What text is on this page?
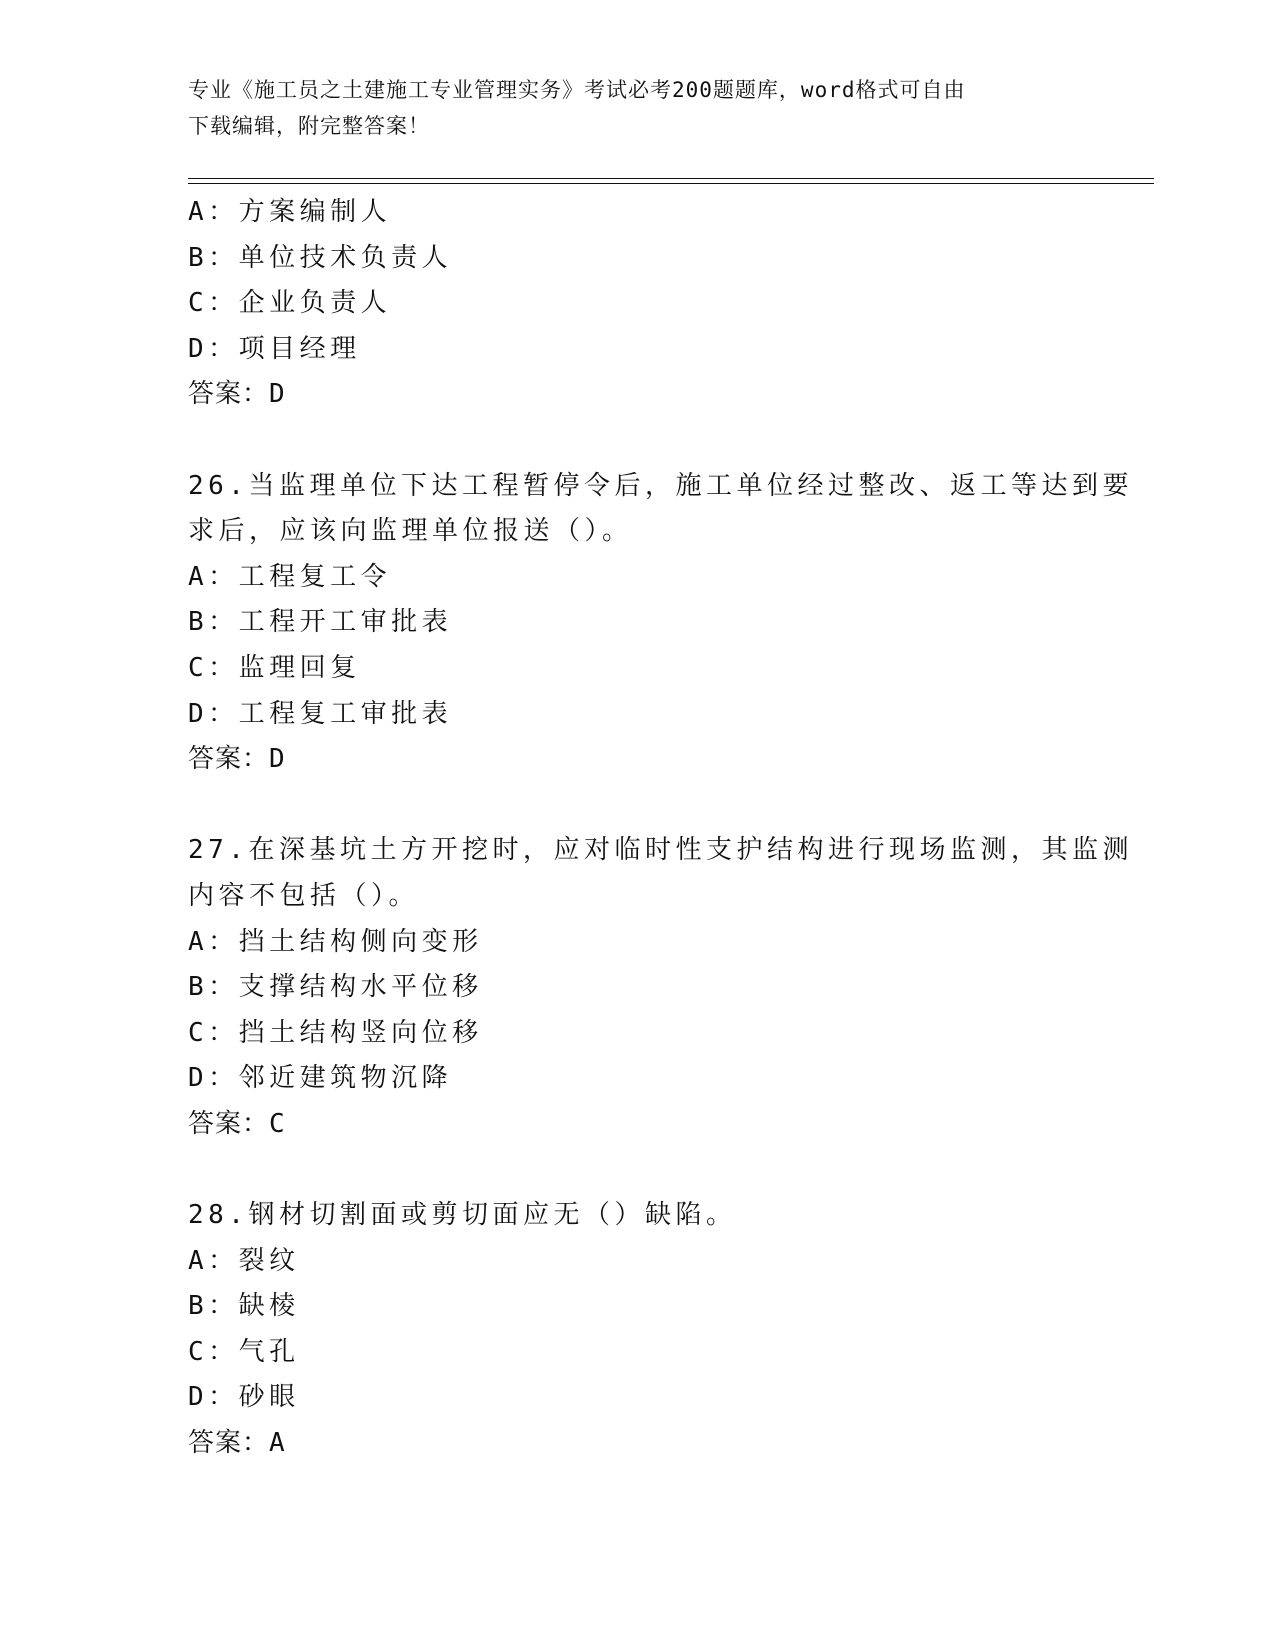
专业《施工员之土建施工专业管理实务》考试必考200题题库，word格式可自由
下载编辑，附完整答案！
A：方案编制人
B：单位技术负责人
C：企业负责人
D：项目经理
答案：D
26.当监理单位下达工程暂停令后，施工单位经过整改、返工等达到要
求后，应该向监理单位报送（）。
A：工程复工令
B：工程开工审批表
C：监理回复
D：工程复工审批表
答案：D
27.在深基坑土方开挖时，应对临时性支护结构进行现场监测，其监测
内容不包括（）。
A：挡土结构侧向变形
B：支撑结构水平位移
C：挡土结构竖向位移
D：邻近建筑物沉降
答案：C
28.钢材切割面或剪切面应无（）缺陷。
A：裂纹
B：缺棱
C：气孔
D：砂眼
答案：A
